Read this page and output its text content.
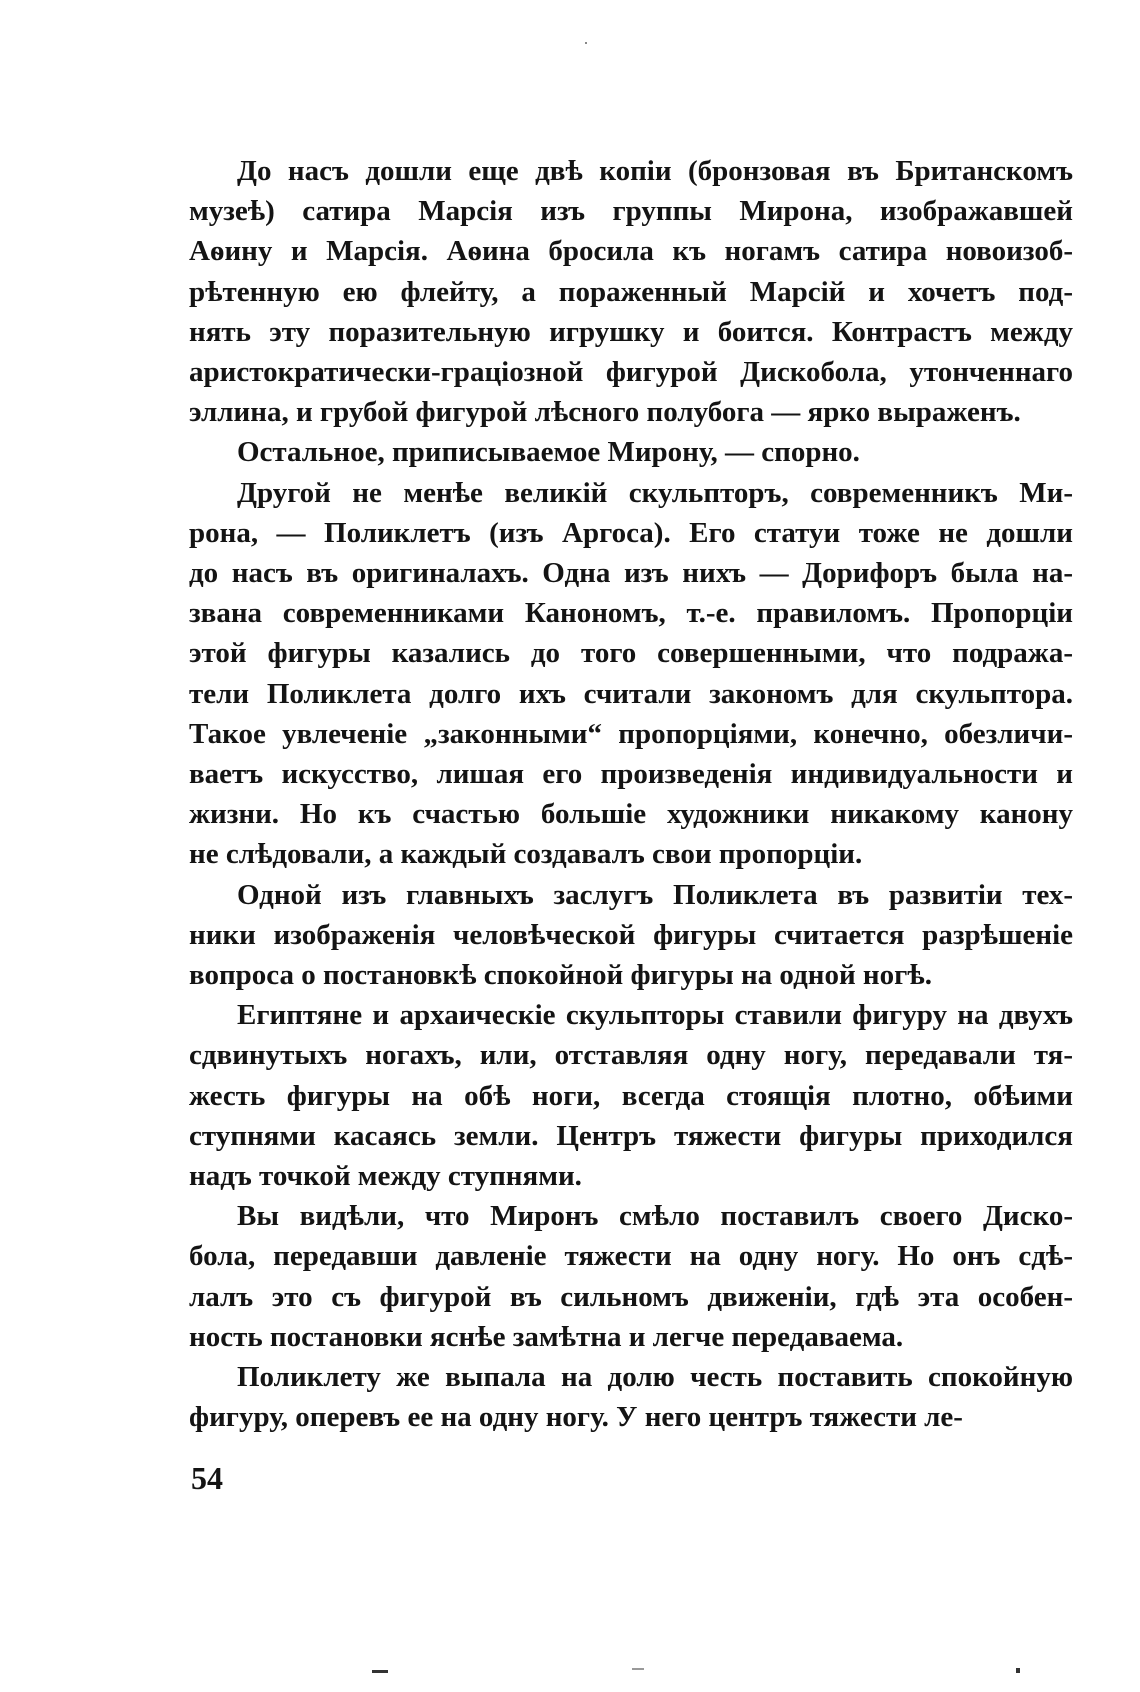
До насъ дошли еще двѣ копіи (бронзовая въ Британскомъ
музеѣ) сатира Марсія изъ группы Мирона, изображавшей
Аѳину и Марсія. Аѳина бросила къ ногамъ сатира новоизоб-
рѣтенную ею флейту, а пораженный Марсій и хочетъ под-
нять эту поразительную игрушку и боится. Контрастъ между
аристократически-граціозной фигурой Дискобола, утонченнаго
эллина, и грубой фигурой лѣсного полубога — ярко выраженъ.
Остальное, приписываемое Мирону, — спорно.
Другой не менѣе великій скульпторъ, современникъ Ми-
рона, — Поликлетъ (изъ Аргоса). Его статуи тоже не дошли
до насъ въ оригиналахъ. Одна изъ нихъ — Дорифоръ была на-
звана современниками Канономъ, т.-е. правиломъ. Пропорціи
этой фигуры казались до того совершенными, что подража-
тели Поликлета долго ихъ считали закономъ для скульптора.
Такое увлеченіе „законными“ пропорціями, конечно, обезличи-
ваетъ искусство, лишая его произведенія индивидуальности и
жизни. Но къ счастью большіе художники никакому канону
не слѣдовали, а каждый создавалъ свои пропорціи.
Одной изъ главныхъ заслугъ Поликлета въ развитіи тех-
ники изображенія человѣческой фигуры считается разрѣшеніе
вопроса о постановкѣ спокойной фигуры на одной ногѣ.
Египтяне и архаическіе скульпторы ставили фигуру на двухъ
сдвинутыхъ ногахъ, или, отставляя одну ногу, передавали тя-
жесть фигуры на обѣ ноги, всегда стоящія плотно, обѣими
ступнями касаясь земли. Центръ тяжести фигуры приходился
надъ точкой между ступнями.
Вы видѣли, что Миронъ смѣло поставилъ своего Диско-
бола, передавши давленіе тяжести на одну ногу. Но онъ сдѣ-
лалъ это съ фигурой въ сильномъ движеніи, гдѣ эта особен-
ность постановки яснѣе замѣтна и легче передаваема.
Поликлету же выпала на долю честь поставить спокойную
фигуру, оперевъ ее на одну ногу. У него центръ тяжести ле-
54
